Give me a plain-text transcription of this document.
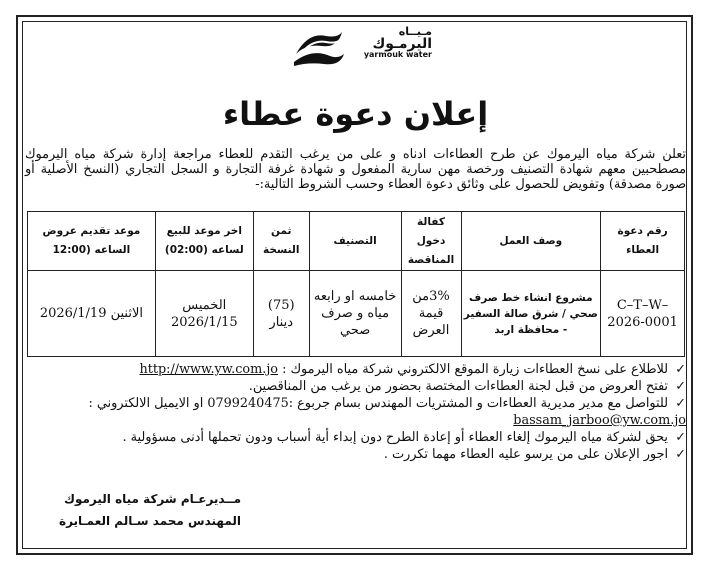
مـيــاه
اليرمـوك
yarmouk water
إعلان دعوة عطاء
تعلن شركة مياه اليرموك عن طرح العطاءات ادناه و على من يرغب التقدم للعطاء مراجعة إدارة شركة مياه اليرموك مصطحبين معهم شهادة التصنيف ورخصة مهن سارية المفعول و شهادة غرفة التجارة و السجل التجاري (النسخ الأصلية أو صورة مصدقة) وتفويض للحصول على وثائق دعوة العطاء وحسب الشروط التالية:-
رقم دعوة العطاء	وصف العمل	كفالة دخول المناقصة	التصنيف	ثمن النسخة	اخر موعد للبيع لساعه (02:00)	موعد تقديم عروض الساعه (12:00
C–T–W–2026-0001	مشروع انشاء خط صرف صحي / شرق صالة السفير - محافظة اربد	3%من قيمة العرض	خامسه او رابعه مياه و صرف صحي	(75) دينار	الخميس 2026/1/15	الاثنين 2026/1/19
✓للاطلاع على نسخ العطاءات زيارة الموقع الالكتروني شركة مياه اليرموك : http://www.yw.com.jo
✓تفتح العروض من قبل لجنة العطاءات المختصة بحضور من يرغب من المناقصين.
✓للتواصل مع مدير مديرية العطاءات و المشتريات المهندس بسام جربوع :0799240475 او الايميل الالكتروني : bassam_jarboo@yw.com.jo
✓يحق لشركة مياه اليرموك إلغاء العطاء أو إعادة الطرح دون إبداء أية أسباب ودون تحملها أدنى مسؤولية .
✓اجور الإعلان على من يرسو عليه العطاء مهما تكررت .
مــديرعـام شركة مياه اليرموك
المهندس محمد سـالم العمـايرة
